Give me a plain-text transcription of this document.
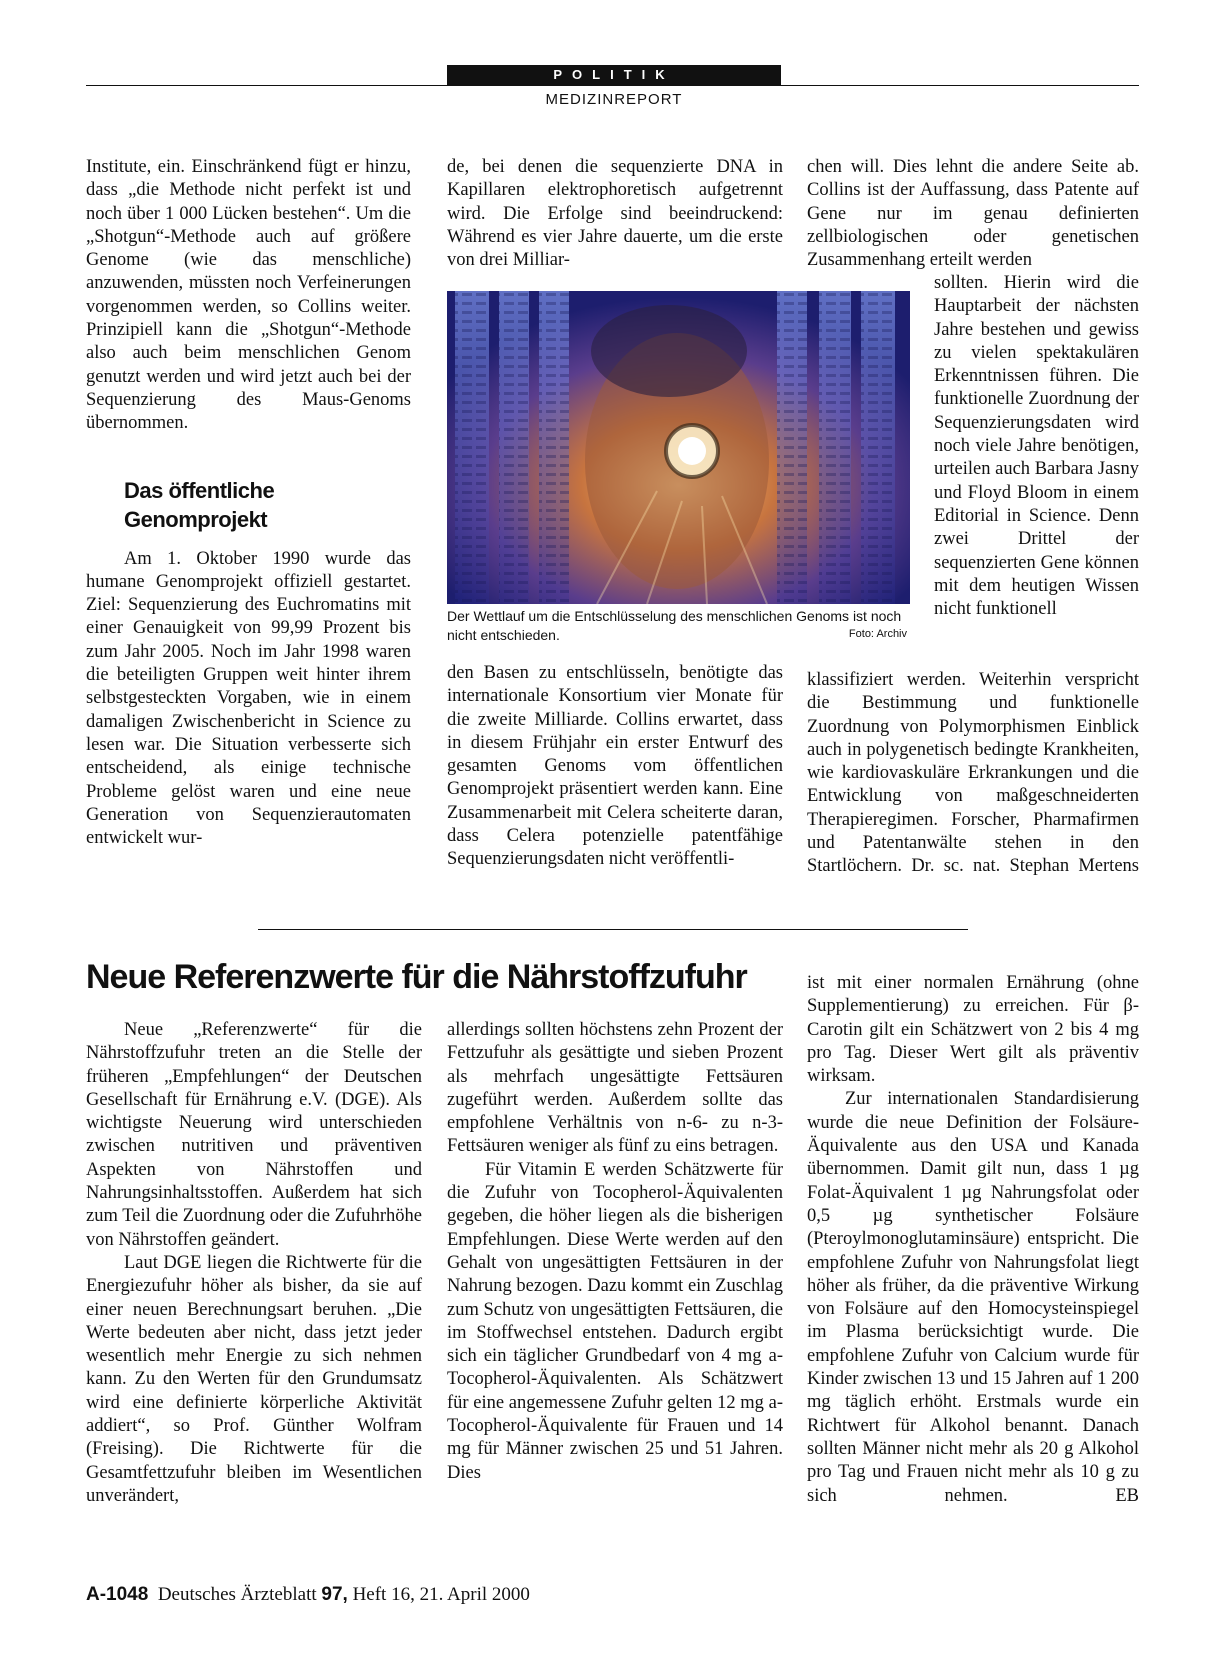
POLITIK
MEDIZINREPORT

Institute, ein. Einschränkend fügt er hinzu, dass „die Methode nicht perfekt ist und noch über 1 000 Lücken bestehen“. Um die „Shotgun“-Methode auch auf größere Genome (wie das menschliche) anzuwenden, müssten noch Verfeinerungen vorgenommen werden, so Collins weiter. Prinzipiell kann die „Shotgun“-Methode also auch beim menschlichen Genom genutzt werden und wird jetzt auch bei der Sequenzierung des Maus-Genoms übernommen.

Das öffentliche
Genomprojekt

Am 1. Oktober 1990 wurde das humane Genomprojekt offiziell gestartet. Ziel: Sequenzierung des Euchromatins mit einer Genauigkeit von 99,99 Prozent bis zum Jahr 2005. Noch im Jahr 1998 waren die beteiligten Gruppen weit hinter ihrem selbstgesteckten Vorgaben, wie in einem damaligen Zwischenbericht in Science zu lesen war. Die Situation verbesserte sich entscheidend, als einige technische Probleme gelöst waren und eine neue Generation von Sequenzierautomaten entwickelt wur-

de, bei denen die sequenzierte DNA in Kapillaren elektrophoretisch aufgetrennt wird. Die Erfolge sind beeindruckend: Während es vier Jahre dauerte, um die erste von drei Milliar-

Der Wettlauf um die Entschlüsselung des menschlichen Genoms ist noch nicht entschieden.	Foto: Archiv

den Basen zu entschlüsseln, benötigte das internationale Konsortium vier Monate für die zweite Milliarde. Collins erwartet, dass in diesem Frühjahr ein erster Entwurf des gesamten Genoms vom öffentlichen Genomprojekt präsentiert werden kann. Eine Zusammenarbeit mit Celera scheiterte daran, dass Celera potenzielle patentfähige Sequenzierungsdaten nicht veröffentli-

chen will. Dies lehnt die andere Seite ab. Collins ist der Auffassung, dass Patente auf Gene nur im genau definierten zellbiologischen oder genetischen Zusammenhang erteilt werden

sollten. Hierin wird die Hauptarbeit der nächsten Jahre bestehen und gewiss zu vielen spektakulären Erkenntnissen führen. Die funktionelle Zuordnung der Sequenzierungsdaten wird noch viele Jahre benötigen, urteilen auch Barbara Jasny und Floyd Bloom in einem Editorial in Science. Denn zwei Drittel der sequenzierten Gene können mit dem heutigen Wissen nicht funktionell

klassifiziert werden. Weiterhin verspricht die Bestimmung und funktionelle Zuordnung von Polymorphismen Einblick auch in polygenetisch bedingte Krankheiten, wie kardiovaskuläre Erkrankungen und die Entwicklung von maßgeschneiderten Therapieregimen. Forscher, Pharmafirmen und Patentanwälte stehen in den Startlöchern. Dr. sc. nat. Stephan Mertens

Neue Referenzwerte für die Nährstoffzufuhr

Neue „Referenzwerte“ für die Nährstoffzufuhr treten an die Stelle der früheren „Empfehlungen“ der Deutschen Gesellschaft für Ernährung e.V. (DGE). Als wichtigste Neuerung wird unterschieden zwischen nutritiven und präventiven Aspekten von Nährstoffen und Nahrungsinhaltsstoffen. Außerdem hat sich zum Teil die Zuordnung oder die Zufuhrhöhe von Nährstoffen geändert.

Laut DGE liegen die Richtwerte für die Energiezufuhr höher als bisher, da sie auf einer neuen Berechnungsart beruhen. „Die Werte bedeuten aber nicht, dass jetzt jeder wesentlich mehr Energie zu sich nehmen kann. Zu den Werten für den Grundumsatz wird eine definierte körperliche Aktivität addiert“, so Prof. Günther Wolfram (Freising). Die Richtwerte für die Gesamtfettzufuhr bleiben im Wesentlichen unverändert,

allerdings sollten höchstens zehn Prozent der Fettzufuhr als gesättigte und sieben Prozent als mehrfach ungesättigte Fettsäuren zugeführt werden. Außerdem sollte das empfohlene Verhältnis von n-6- zu n-3-Fettsäuren weniger als fünf zu eins betragen.

Für Vitamin E werden Schätzwerte für die Zufuhr von Tocopherol-Äquivalenten gegeben, die höher liegen als die bisherigen Empfehlungen. Diese Werte werden auf den Gehalt von ungesättigten Fettsäuren in der Nahrung bezogen. Dazu kommt ein Zuschlag zum Schutz von ungesättigten Fettsäuren, die im Stoffwechsel entstehen. Dadurch ergibt sich ein täglicher Grundbedarf von 4 mg a-Tocopherol-Äquivalenten. Als Schätzwert für eine angemessene Zufuhr gelten 12 mg a-Tocopherol-Äquivalente für Frauen und 14 mg für Männer zwischen 25 und 51 Jahren. Dies

ist mit einer normalen Ernährung (ohne Supplementierung) zu erreichen. Für β-Carotin gilt ein Schätzwert von 2 bis 4 mg pro Tag. Dieser Wert gilt als präventiv wirksam.

Zur internationalen Standardisierung wurde die neue Definition der Folsäure-Äquivalente aus den USA und Kanada übernommen. Damit gilt nun, dass 1 µg Folat-Äquivalent 1 µg Nahrungsfolat oder 0,5 µg synthetischer Folsäure (Pteroylmonoglutaminsäure) entspricht. Die empfohlene Zufuhr von Nahrungsfolat liegt höher als früher, da die präventive Wirkung von Folsäure auf den Homocysteinspiegel im Plasma berücksichtigt wurde. Die empfohlene Zufuhr von Calcium wurde für Kinder zwischen 13 und 15 Jahren auf 1 200 mg täglich erhöht. Erstmals wurde ein Richtwert für Alkohol benannt. Danach sollten Männer nicht mehr als 20 g Alkohol pro Tag und Frauen nicht mehr als 10 g zu sich nehmen.	EB

A-1048 Deutsches Ärzteblatt 97, Heft 16, 21. April 2000
